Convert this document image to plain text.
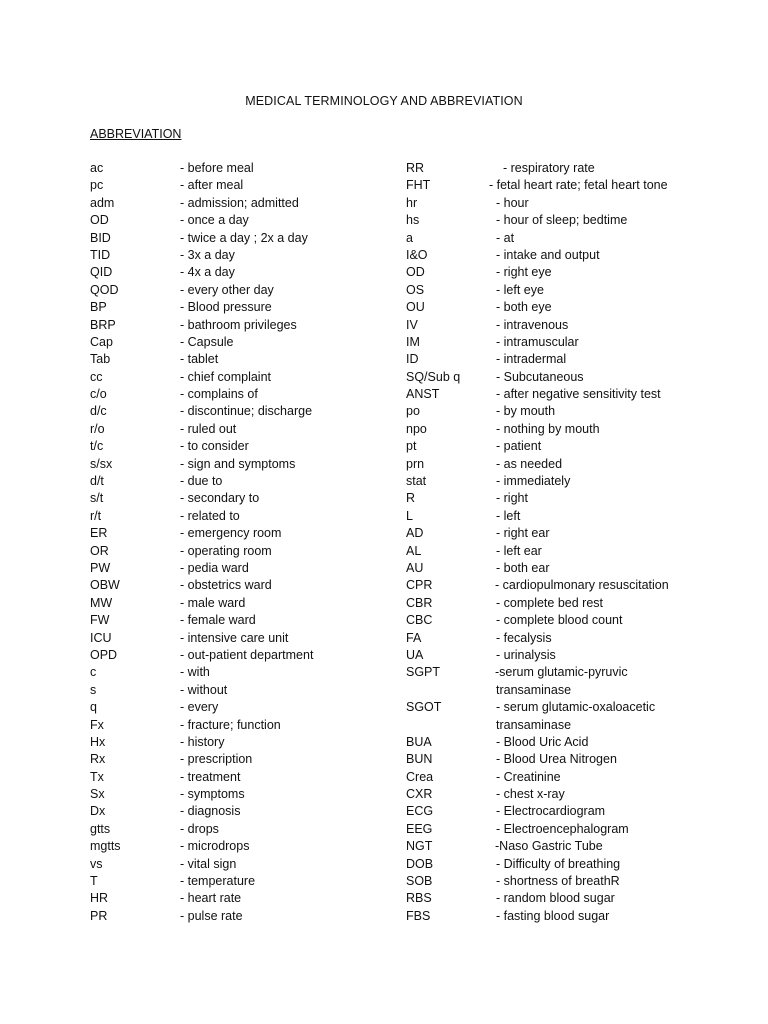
MEDICAL TERMINOLOGY AND ABBREVIATION
ABBREVIATION
ac	- before meal
pc	- after meal
adm	- admission; admitted
OD	- once a day
BID	- twice a day ; 2x a day
TID	- 3x a day
QID	- 4x a day
QOD	- every other day
BP	- Blood pressure
BRP	- bathroom privileges
Cap	- Capsule
Tab	- tablet
cc	- chief complaint
c/o	- complains of
d/c	- discontinue; discharge
r/o	- ruled out
t/c	- to consider
s/sx	- sign and symptoms
d/t	- due to
s/t	- secondary to
r/t	- related to
ER	- emergency room
OR	- operating room
PW	- pedia ward
OBW	- obstetrics ward
MW	- male ward
FW	- female ward
ICU	- intensive care unit
OPD	- out-patient department
c	- with
s	- without
q	- every
Fx	- fracture; function
Hx	- history
Rx	- prescription
Tx	- treatment
Sx	- symptoms
Dx	- diagnosis
gtts	- drops
mgtts	- microdrops
vs	- vital sign
T	- temperature
HR	- heart rate
PR	- pulse rate
RR	- respiratory rate
FHT	- fetal heart rate; fetal heart tone
hr	- hour
hs	- hour of sleep; bedtime
a	- at
I&O	- intake and output
OD	- right eye
OS	- left eye
OU	- both eye
IV	- intravenous
IM	- intramuscular
ID	- intradermal
SQ/Sub q	- Subcutaneous
ANST	- after negative sensitivity test
po	- by mouth
npo	- nothing by mouth
pt	- patient
prn	- as needed
stat	- immediately
R	- right
L	- left
AD	- right ear
AL	- left ear
AU	- both ear
CPR	- cardiopulmonary resuscitation
CBR	- complete bed rest
CBC	- complete blood count
FA	- fecalysis
UA	- urinalysis
SGPT	-serum glutamic-pyruvic
transaminase
SGOT	- serum glutamic-oxaloacetic
transaminase
BUA	- Blood Uric Acid
BUN	- Blood Urea Nitrogen
Crea	- Creatinine
CXR	- chest x-ray
ECG	- Electrocardiogram
EEG	- Electroencephalogram
NGT	-Naso Gastric Tube
DOB	- Difficulty of breathing
SOB	- shortness of breathR
RBS	- random blood sugar
FBS	- fasting blood sugar
